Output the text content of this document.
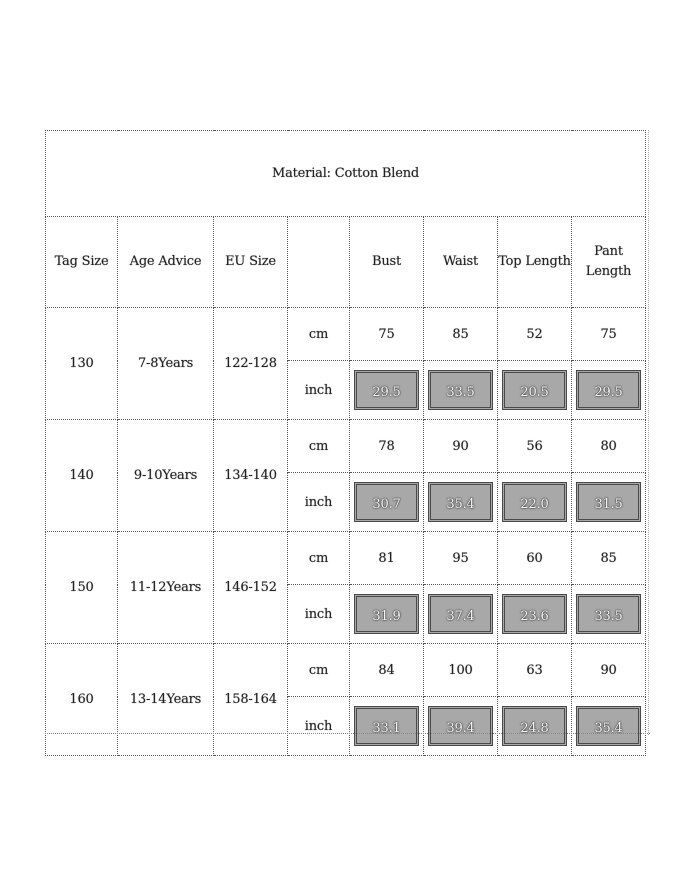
Material: Cotton Blend							
Tag Size	Age Advice	EU Size		Bust	Waist	Top Length	Pant Length
130	7-8Years	122-128	cm	75	85	52	75
			inch	29.5	33.5	20.5	29.5

140	9-10Years	134-140	cm	78	90	56	80
			inch	30.7	35.4	22.0	31.5

150	11-12Years	146-152	cm	81	95	60	85
			inch	31.9	37.4	23.6	33.5

160	13-14Years	158-164	cm	84	100	63	90
			inch	33.1	39.4	24.8	35.4
